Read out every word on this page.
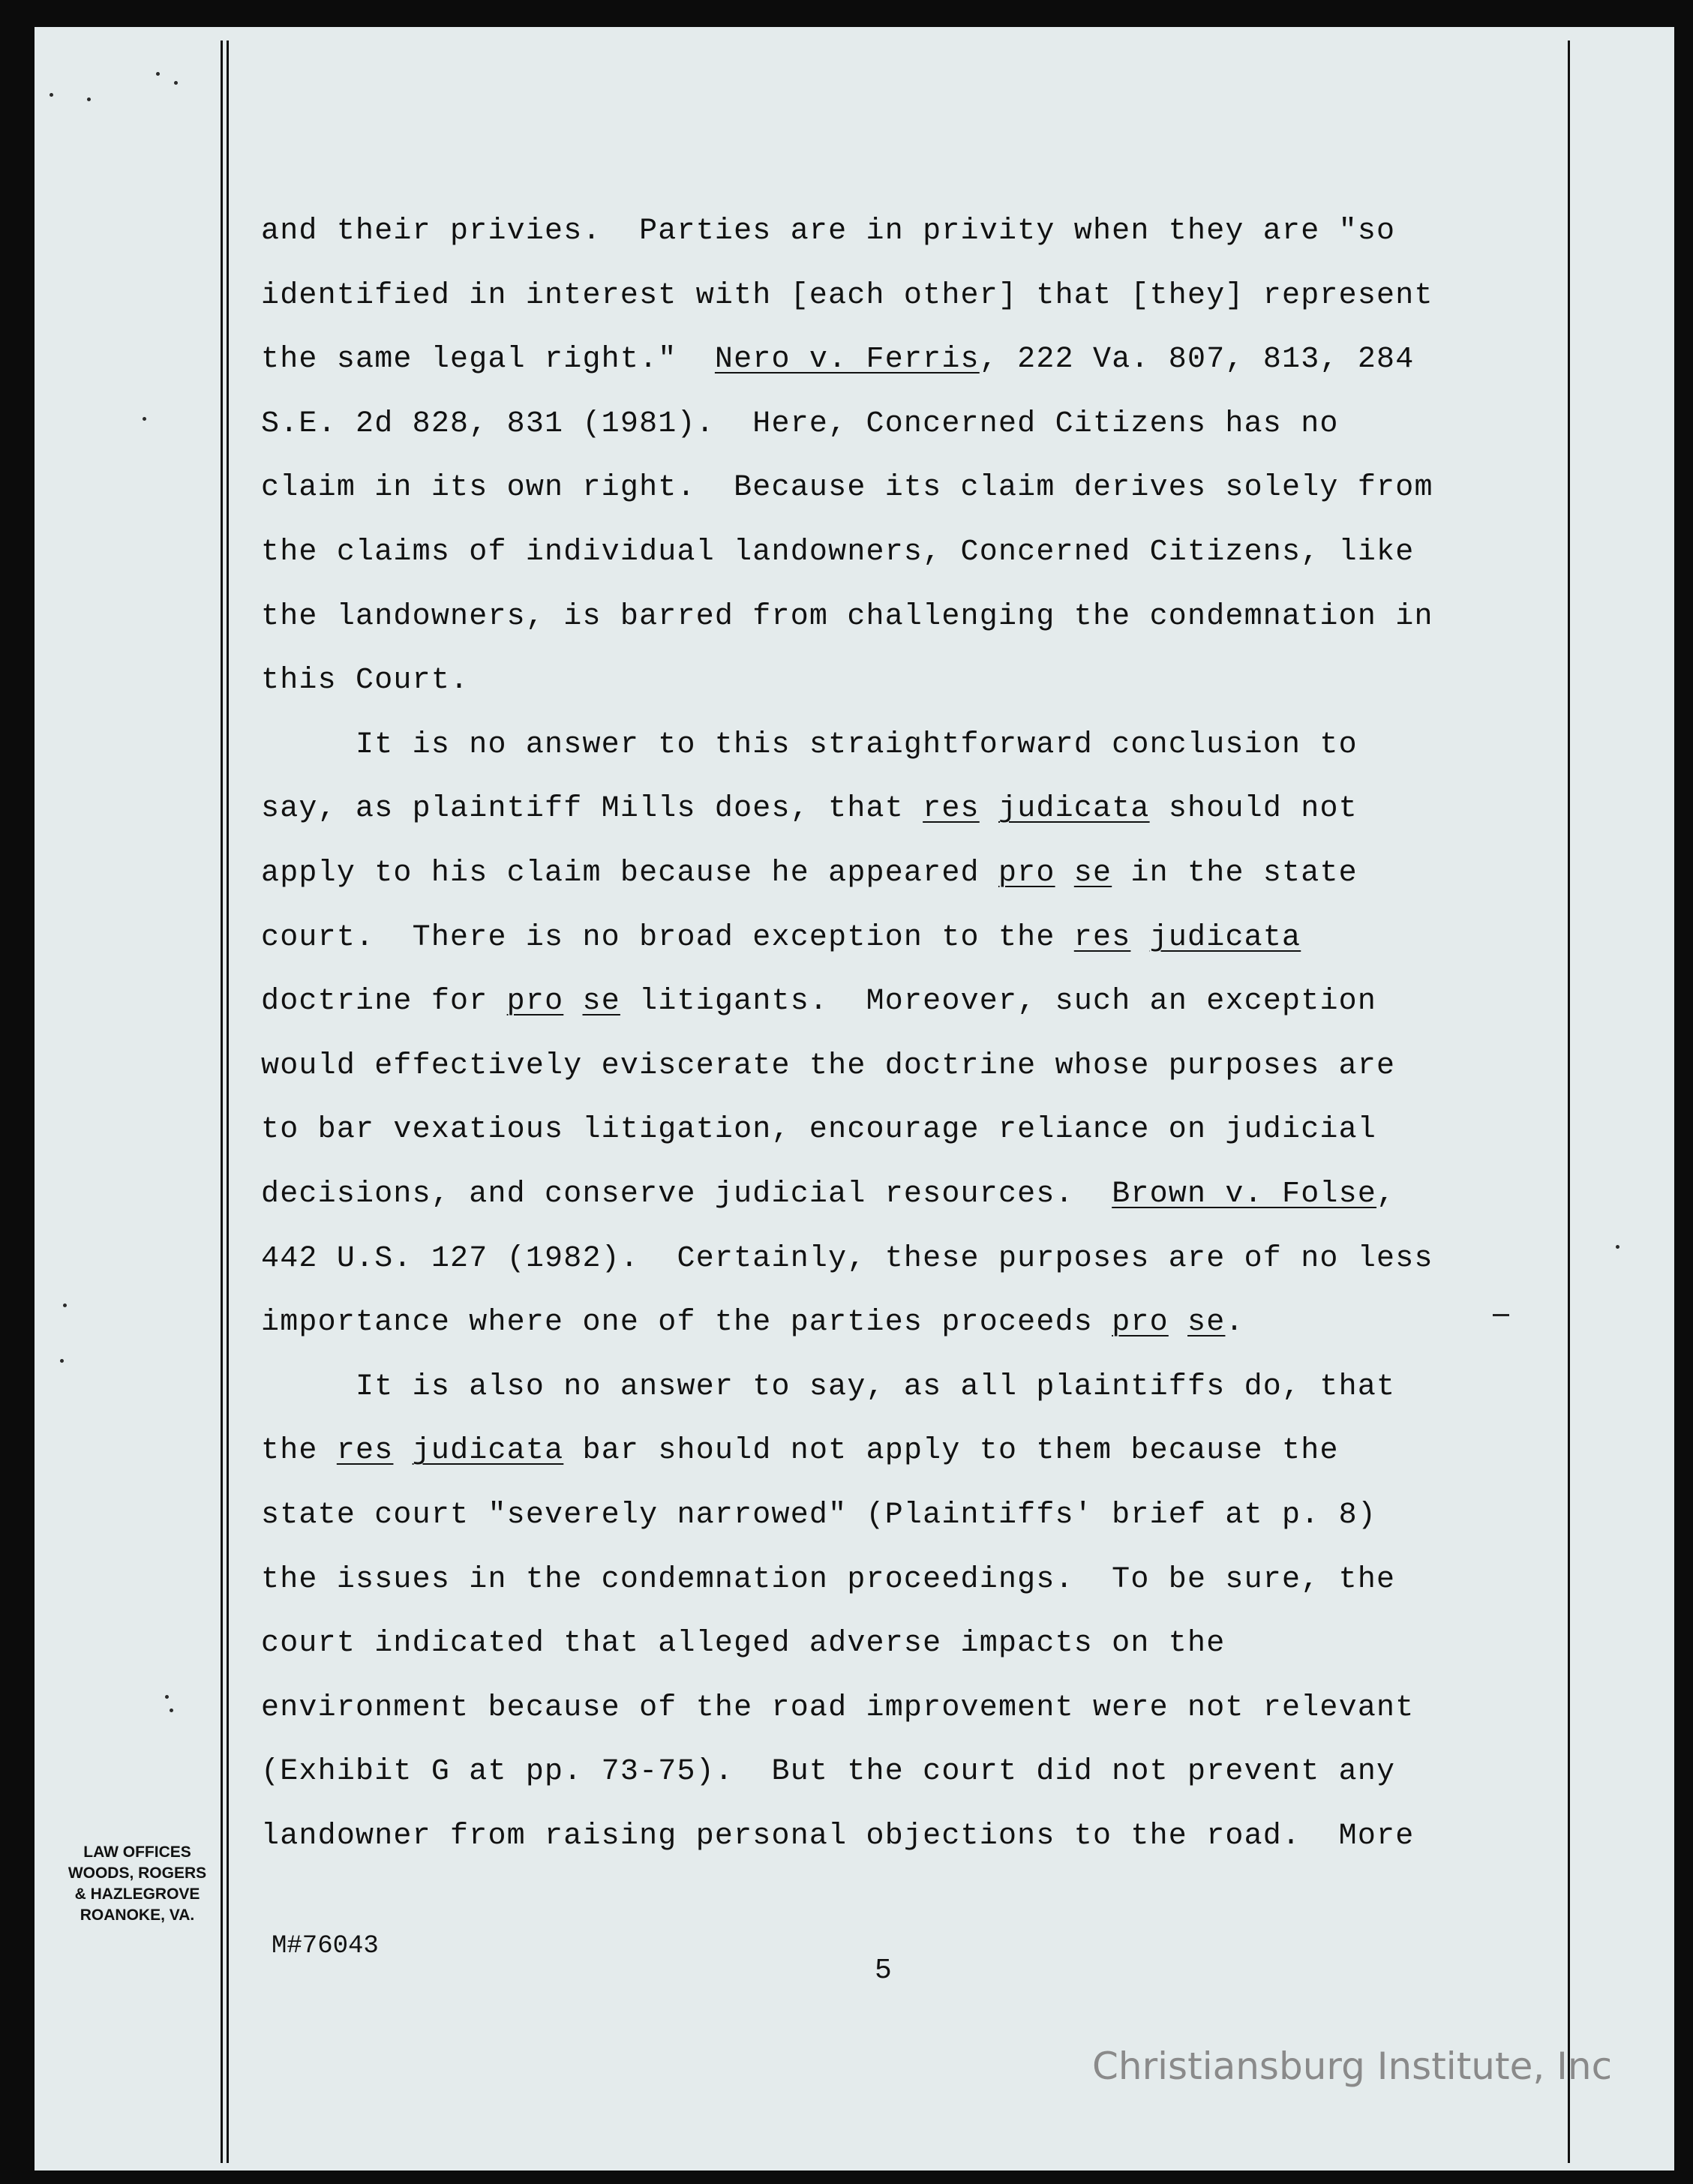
and their privies.  Parties are in privity when they are "so
identified in interest with [each other] that [they] represent
the same legal right."  Nero v. Ferris, 222 Va. 807, 813, 284
S.E. 2d 828, 831 (1981).  Here, Concerned Citizens has no
claim in its own right.  Because its claim derives solely from
the claims of individual landowners, Concerned Citizens, like
the landowners, is barred from challenging the condemnation in
this Court.
It is no answer to this straightforward conclusion to
say, as plaintiff Mills does, that res judicata should not
apply to his claim because he appeared pro se in the state
court.  There is no broad exception to the res judicata
doctrine for pro se litigants.  Moreover, such an exception
would effectively eviscerate the doctrine whose purposes are
to bar vexatious litigation, encourage reliance on judicial
decisions, and conserve judicial resources.  Brown v. Folse,
442 U.S. 127 (1982).  Certainly, these purposes are of no less
importance where one of the parties proceeds pro se.
It is also no answer to say, as all plaintiffs do, that
the res judicata bar should not apply to them because the
state court "severely narrowed" (Plaintiffs' brief at p. 8)
the issues in the condemnation proceedings.  To be sure, the
court indicated that alleged adverse impacts on the
environment because of the road improvement were not relevant
(Exhibit G at pp. 73-75).  But the court did not prevent any
landowner from raising personal objections to the road.  More
LAW OFFICES
WOODS, ROGERS
& HAZLEGROVE
ROANOKE, VA.
M#76043
5
Christiansburg Institute, Inc
